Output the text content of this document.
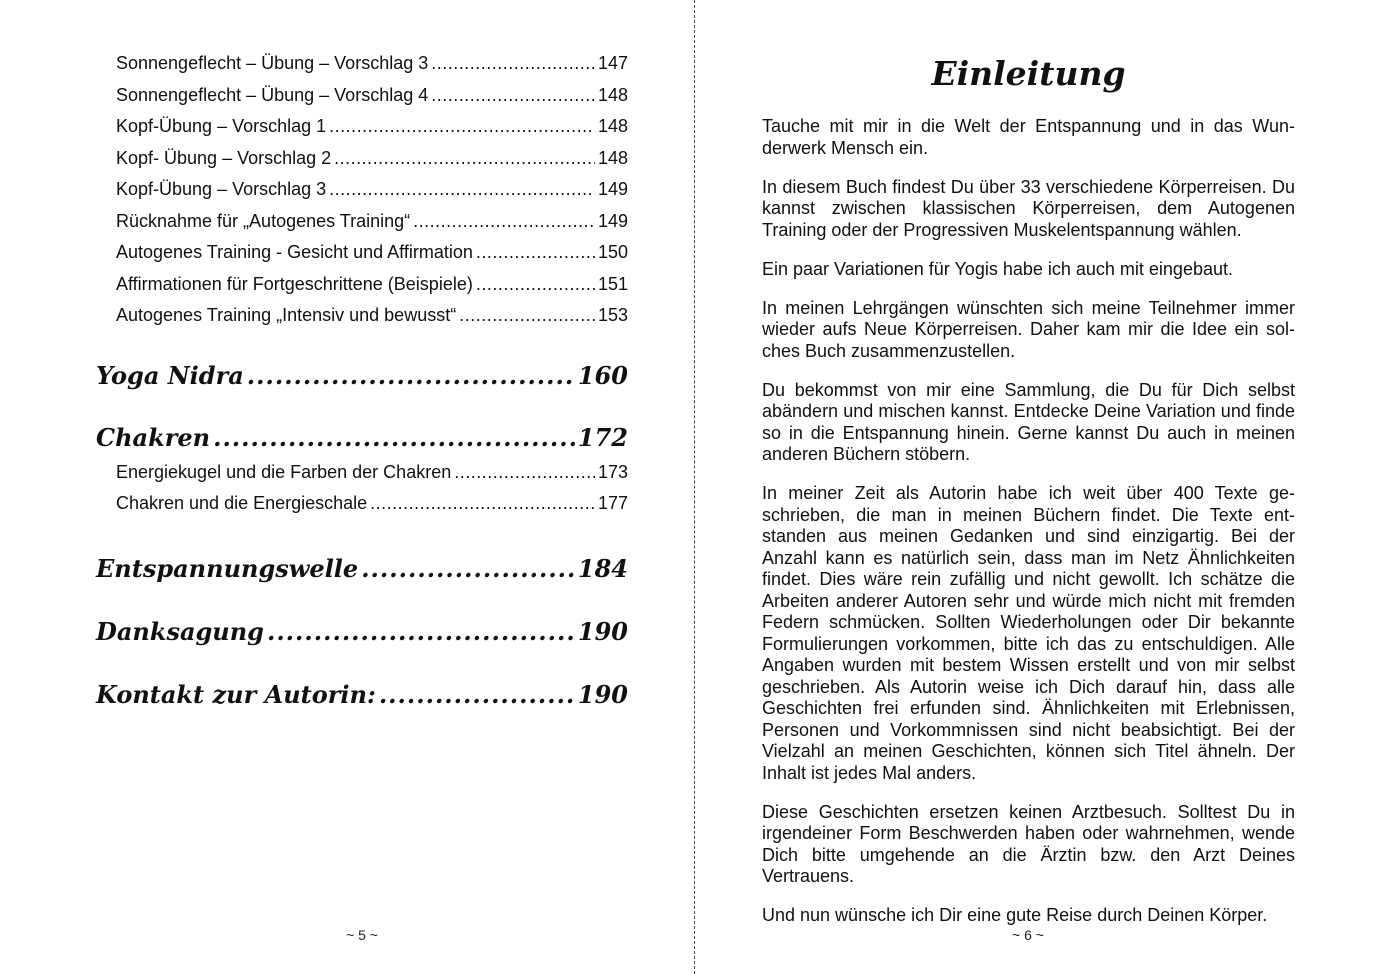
Sonnengeflecht – Übung – Vorschlag 3 .....	147
Sonnengeflecht – Übung – Vorschlag 4 .....	148
Kopf-Übung – Vorschlag 1 .....	148
Kopf- Übung – Vorschlag 2 .....	148
Kopf-Übung – Vorschlag 3 .....	149
Rücknahme für „Autogenes Training“ .....	149
Autogenes Training - Gesicht und Affirmation .....	150
Affirmationen für Fortgeschrittene (Beispiele) .....	151
Autogenes Training „Intensiv und bewusst“ .....	153
Yoga Nidra .....	160
Chakren .....	172
Energiekugel und die Farben der Chakren .....	173
Chakren und die Energieschale .....	177
Entspannungswelle .....	184
Danksagung .....	190
Kontakt zur Autorin: .....	190
~ 5 ~
Einleitung

Tauche mit mir in die Welt der Entspannung und in das Wunderwerk Mensch ein.

In diesem Buch findest Du über 33 verschiedene Körperreisen. Du kannst zwischen klassischen Körperreisen, dem Autogenen Training oder der Progressiven Muskelentspannung wählen.

Ein paar Variationen für Yogis habe ich auch mit eingebaut.

In meinen Lehrgängen wünschten sich meine Teilnehmer immer wieder aufs Neue Körperreisen. Daher kam mir die Idee ein solches Buch zusammenzustellen.

Du bekommst von mir eine Sammlung, die Du für Dich selbst abändern und mischen kannst. Entdecke Deine Variation und finde so in die Entspannung hinein. Gerne kannst Du auch in meinen anderen Büchern stöbern.

In meiner Zeit als Autorin habe ich weit über 400 Texte geschrieben, die man in meinen Büchern findet. Die Texte entstanden aus meinen Gedanken und sind einzigartig. Bei der Anzahl kann es natürlich sein, dass man im Netz Ähnlichkeiten findet. Dies wäre rein zufällig und nicht gewollt. Ich schätze die Arbeiten anderer Autoren sehr und würde mich nicht mit fremden Federn schmücken. Sollten Wiederholungen oder Dir bekannte Formulierungen vorkommen, bitte ich das zu entschuldigen. Alle Angaben wurden mit bestem Wissen erstellt und von mir selbst geschrieben. Als Autorin weise ich Dich darauf hin, dass alle Geschichten frei erfunden sind. Ähnlichkeiten mit Erlebnissen, Personen und Vorkommnissen sind nicht beabsichtigt. Bei der Vielzahl an meinen Geschichten, können sich Titel ähneln. Der Inhalt ist jedes Mal anders.

Diese Geschichten ersetzen keinen Arztbesuch. Solltest Du in irgendeiner Form Beschwerden haben oder wahrnehmen, wende Dich bitte umgehende an die Ärztin bzw. den Arzt Deines Vertrauens.

Und nun wünsche ich Dir eine gute Reise durch Deinen Körper.

~ 6 ~
